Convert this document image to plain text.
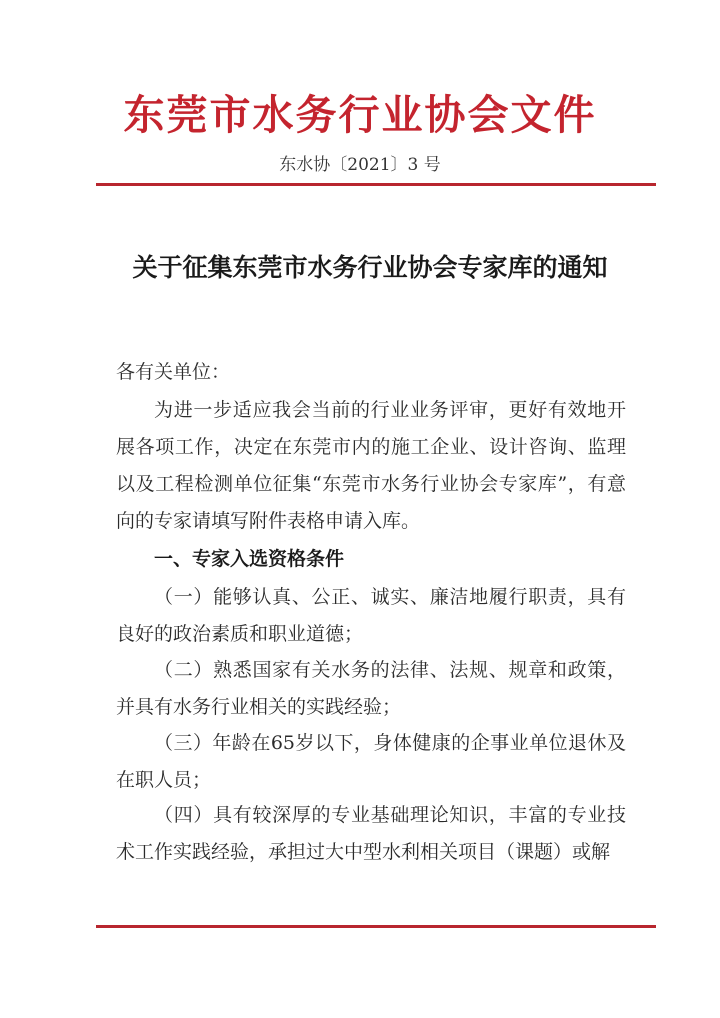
东莞市水务行业协会文件
东水协〔2021〕3 号
关于征集东莞市水务行业协会专家库的通知
各有关单位：
为进一步适应我会当前的行业业务评审，更好有效地开展各项工作，决定在东莞市内的施工企业、设计咨询、监理以及工程检测单位征集“东莞市水务行业协会专家库”，有意向的专家请填写附件表格申请入库。
一、专家入选资格条件
（一）能够认真、公正、诚实、廉洁地履行职责，具有良好的政治素质和职业道德；
（二）熟悉国家有关水务的法律、法规、规章和政策，并具有水务行业相关的实践经验；
（三）年龄在65岁以下，身体健康的企事业单位退休及在职人员；
（四）具有较深厚的专业基础理论知识，丰富的专业技术工作实践经验，承担过大中型水利相关项目（课题）或解
